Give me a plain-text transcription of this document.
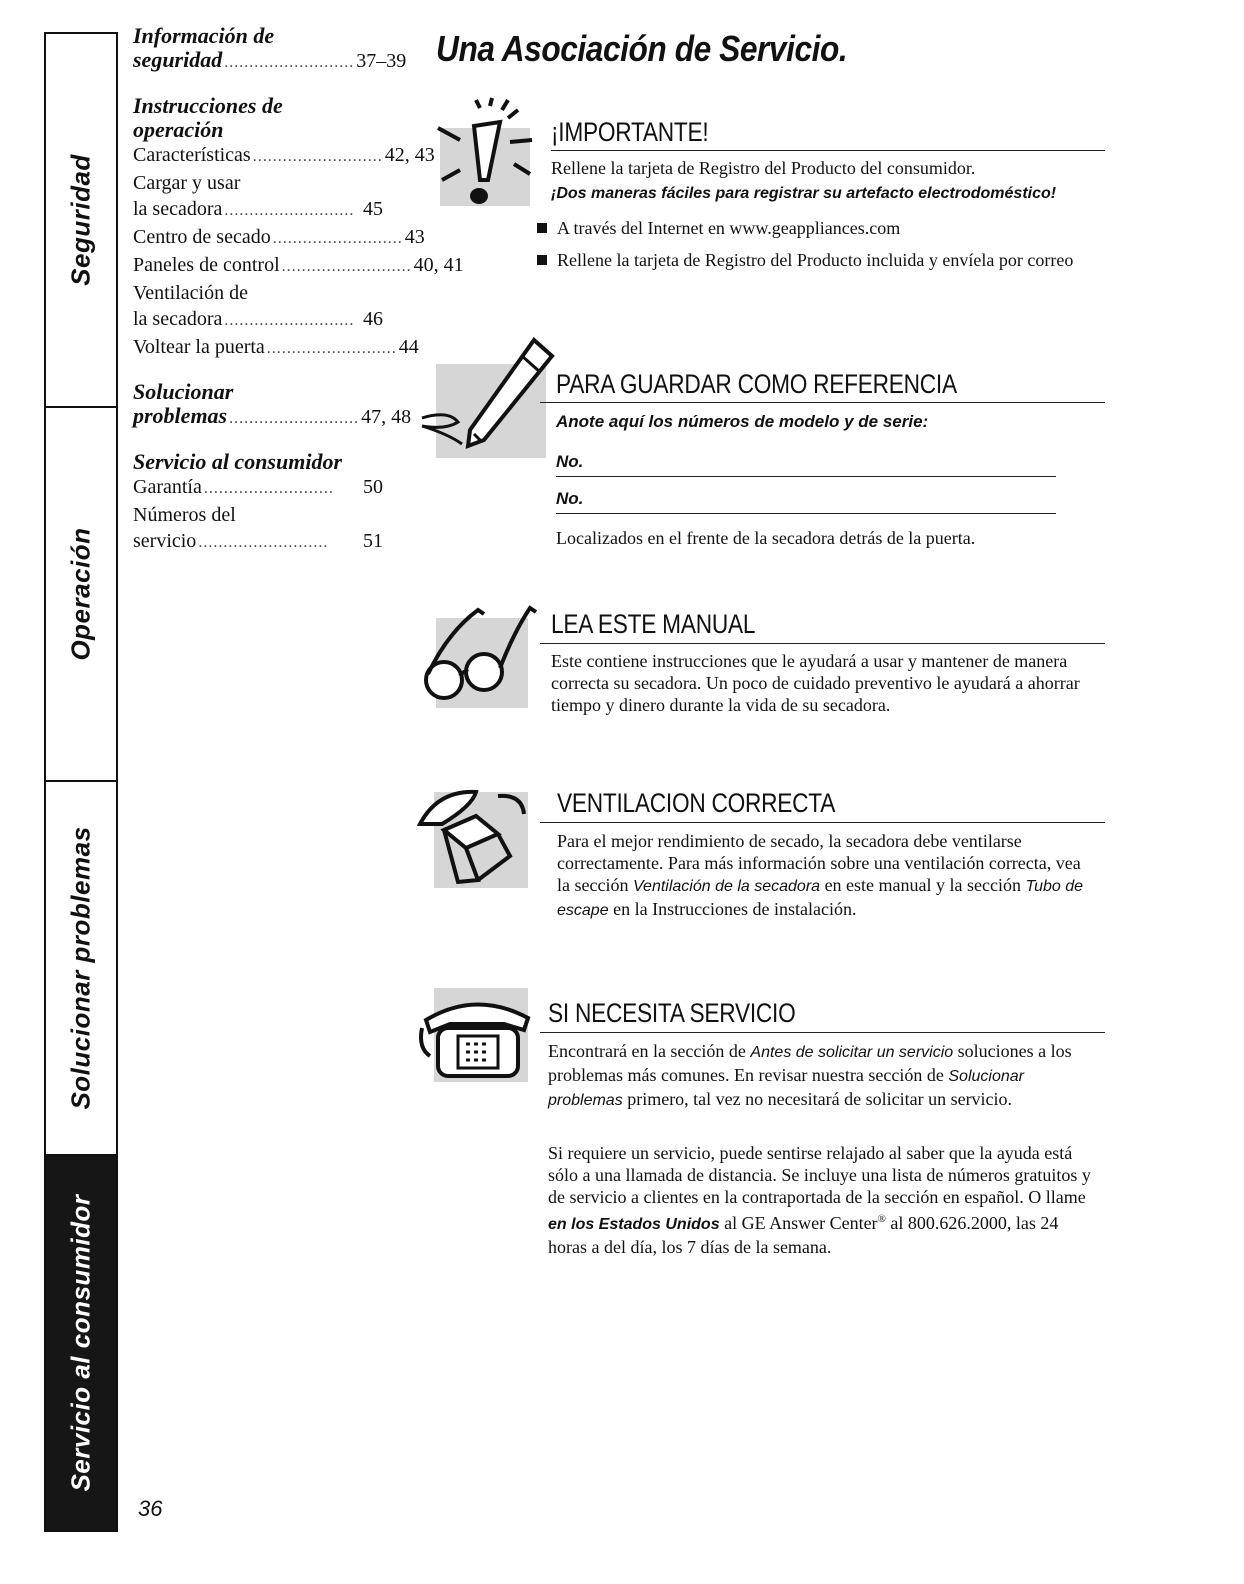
Seguridad
Operación
Solucionar problemas
Servicio al consumidor
Información de
seguridad .......................... 37–39
Instrucciones de
operación
Características .......................... 42, 43
Cargar y usar
la secadora .......................... 45
Centro de secado .......................... 43
Paneles de control .......................... 40, 41
Ventilación de
la secadora .......................... 46
Voltear la puerta .......................... 44
Solucionar
problemas .......................... 47, 48
Servicio al consumidor
Garantía ..........................	50
Números del
servicio ..........................	51
36
Una Asociación de Servicio.
¡IMPORTANTE!
Rellene la tarjeta de Registro del Producto del consumidor.
¡Dos maneras fáciles para registrar su artefacto electrodoméstico!
A través del Internet en www.geappliances.com
Rellene la tarjeta de Registro del Producto incluida y envíela por correo
PARA GUARDAR COMO REFERENCIA
Anote aquí los números de modelo y de serie:
No.
No.
Localizados en el frente de la secadora detrás de la puerta.
LEA ESTE MANUAL
Este contiene instrucciones que le ayudará a usar y mantener de manera correcta su secadora. Un poco de cuidado preventivo le ayudará a ahorrar tiempo y dinero durante la vida de su secadora.
VENTILACION CORRECTA
Para el mejor rendimiento de secado, la secadora debe ventilarse correctamente. Para más información sobre una ventilación correcta, vea la sección Ventilación de la secadora en este manual y la sección Tubo de escape en la Instrucciones de instalación.
SI NECESITA SERVICIO
Encontrará en la sección de Antes de solicitar un servicio soluciones a los problemas más comunes. En revisar nuestra sección de Solucionar problemas primero, tal vez no necesitará de solicitar un servicio.
Si requiere un servicio, puede sentirse relajado al saber que la ayuda está sólo a una llamada de distancia. Se incluye una lista de números gratuitos y de servicio a clientes en la contraportada de la sección en español. O llame en los Estados Unidos al GE Answer Center® al 800.626.2000, las 24 horas a del día, los 7 días de la semana.
